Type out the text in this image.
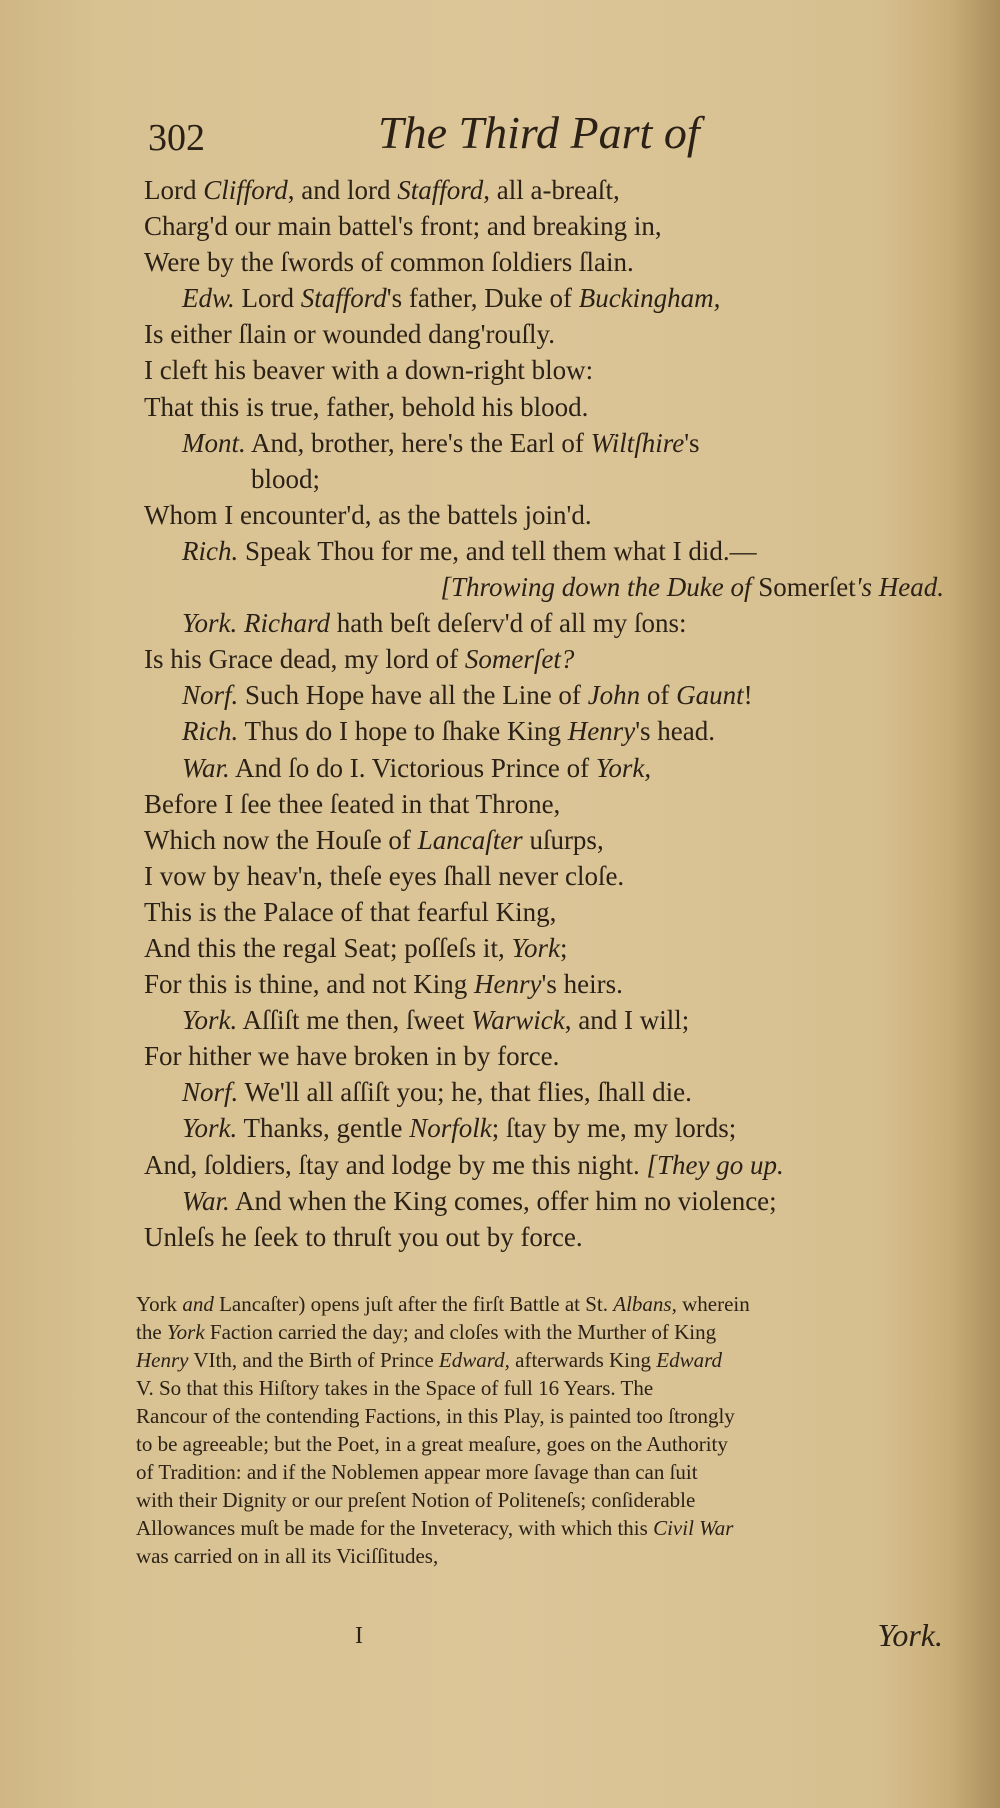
302	The Third Part of
Lord Clifford, and lord Stafford, all a-breaſt,
Charg'd our main battel's front; and breaking in,
Were by the ſwords of common ſoldiers ſlain.
Edw. Lord Stafford's father, Duke of Buckingham,
Is either ſlain or wounded dang'rouſly.
I cleft his beaver with a down-right blow:
That this is true, father, behold his blood.
Mont. And, brother, here's the Earl of Wiltſhire's
blood;
Whom I encounter'd, as the battels join'd.
Rich. Speak Thou for me, and tell them what I did.—
[Throwing down the Duke of Somerſet's Head.
York. Richard hath beſt deſerv'd of all my ſons:
Is his Grace dead, my lord of Somerſet?
Norf. Such Hope have all the Line of John of Gaunt!
Rich. Thus do I hope to ſhake King Henry's head.
War. And ſo do I. Victorious Prince of York,
Before I ſee thee ſeated in that Throne,
Which now the Houſe of Lancaſter uſurps,
I vow by heav'n, theſe eyes ſhall never cloſe.
This is the Palace of that fearful King,
And this the regal Seat; poſſeſs it, York;
For this is thine, and not King Henry's heirs.
York. Aſſiſt me then, ſweet Warwick, and I will;
For hither we have broken in by force.
Norf. We'll all aſſiſt you; he, that flies, ſhall die.
York. Thanks, gentle Norfolk; ſtay by me, my lords;
And, ſoldiers, ſtay and lodge by me this night. [They go up.
War. And when the King comes, offer him no violence;
Unleſs he ſeek to thruſt you out by force.
York and Lancaſter) opens juſt after the firſt Battle at St. Albans, wherein
the York Faction carried the day; and cloſes with the Murther of King
Henry VIth, and the Birth of Prince Edward, afterwards King Edward
V. So that this Hiſtory takes in the Space of full 16 Years. The
Rancour of the contending Factions, in this Play, is painted too ſtrongly
to be agreeable; but the Poet, in a great meaſure, goes on the Authority
of Tradition: and if the Noblemen appear more ſavage than can ſuit
with their Dignity or our preſent Notion of Politeneſs; conſiderable
Allowances muſt be made for the Inveteracy, with which this Civil War
was carried on in all its Viciſſitudes,
I	York.
